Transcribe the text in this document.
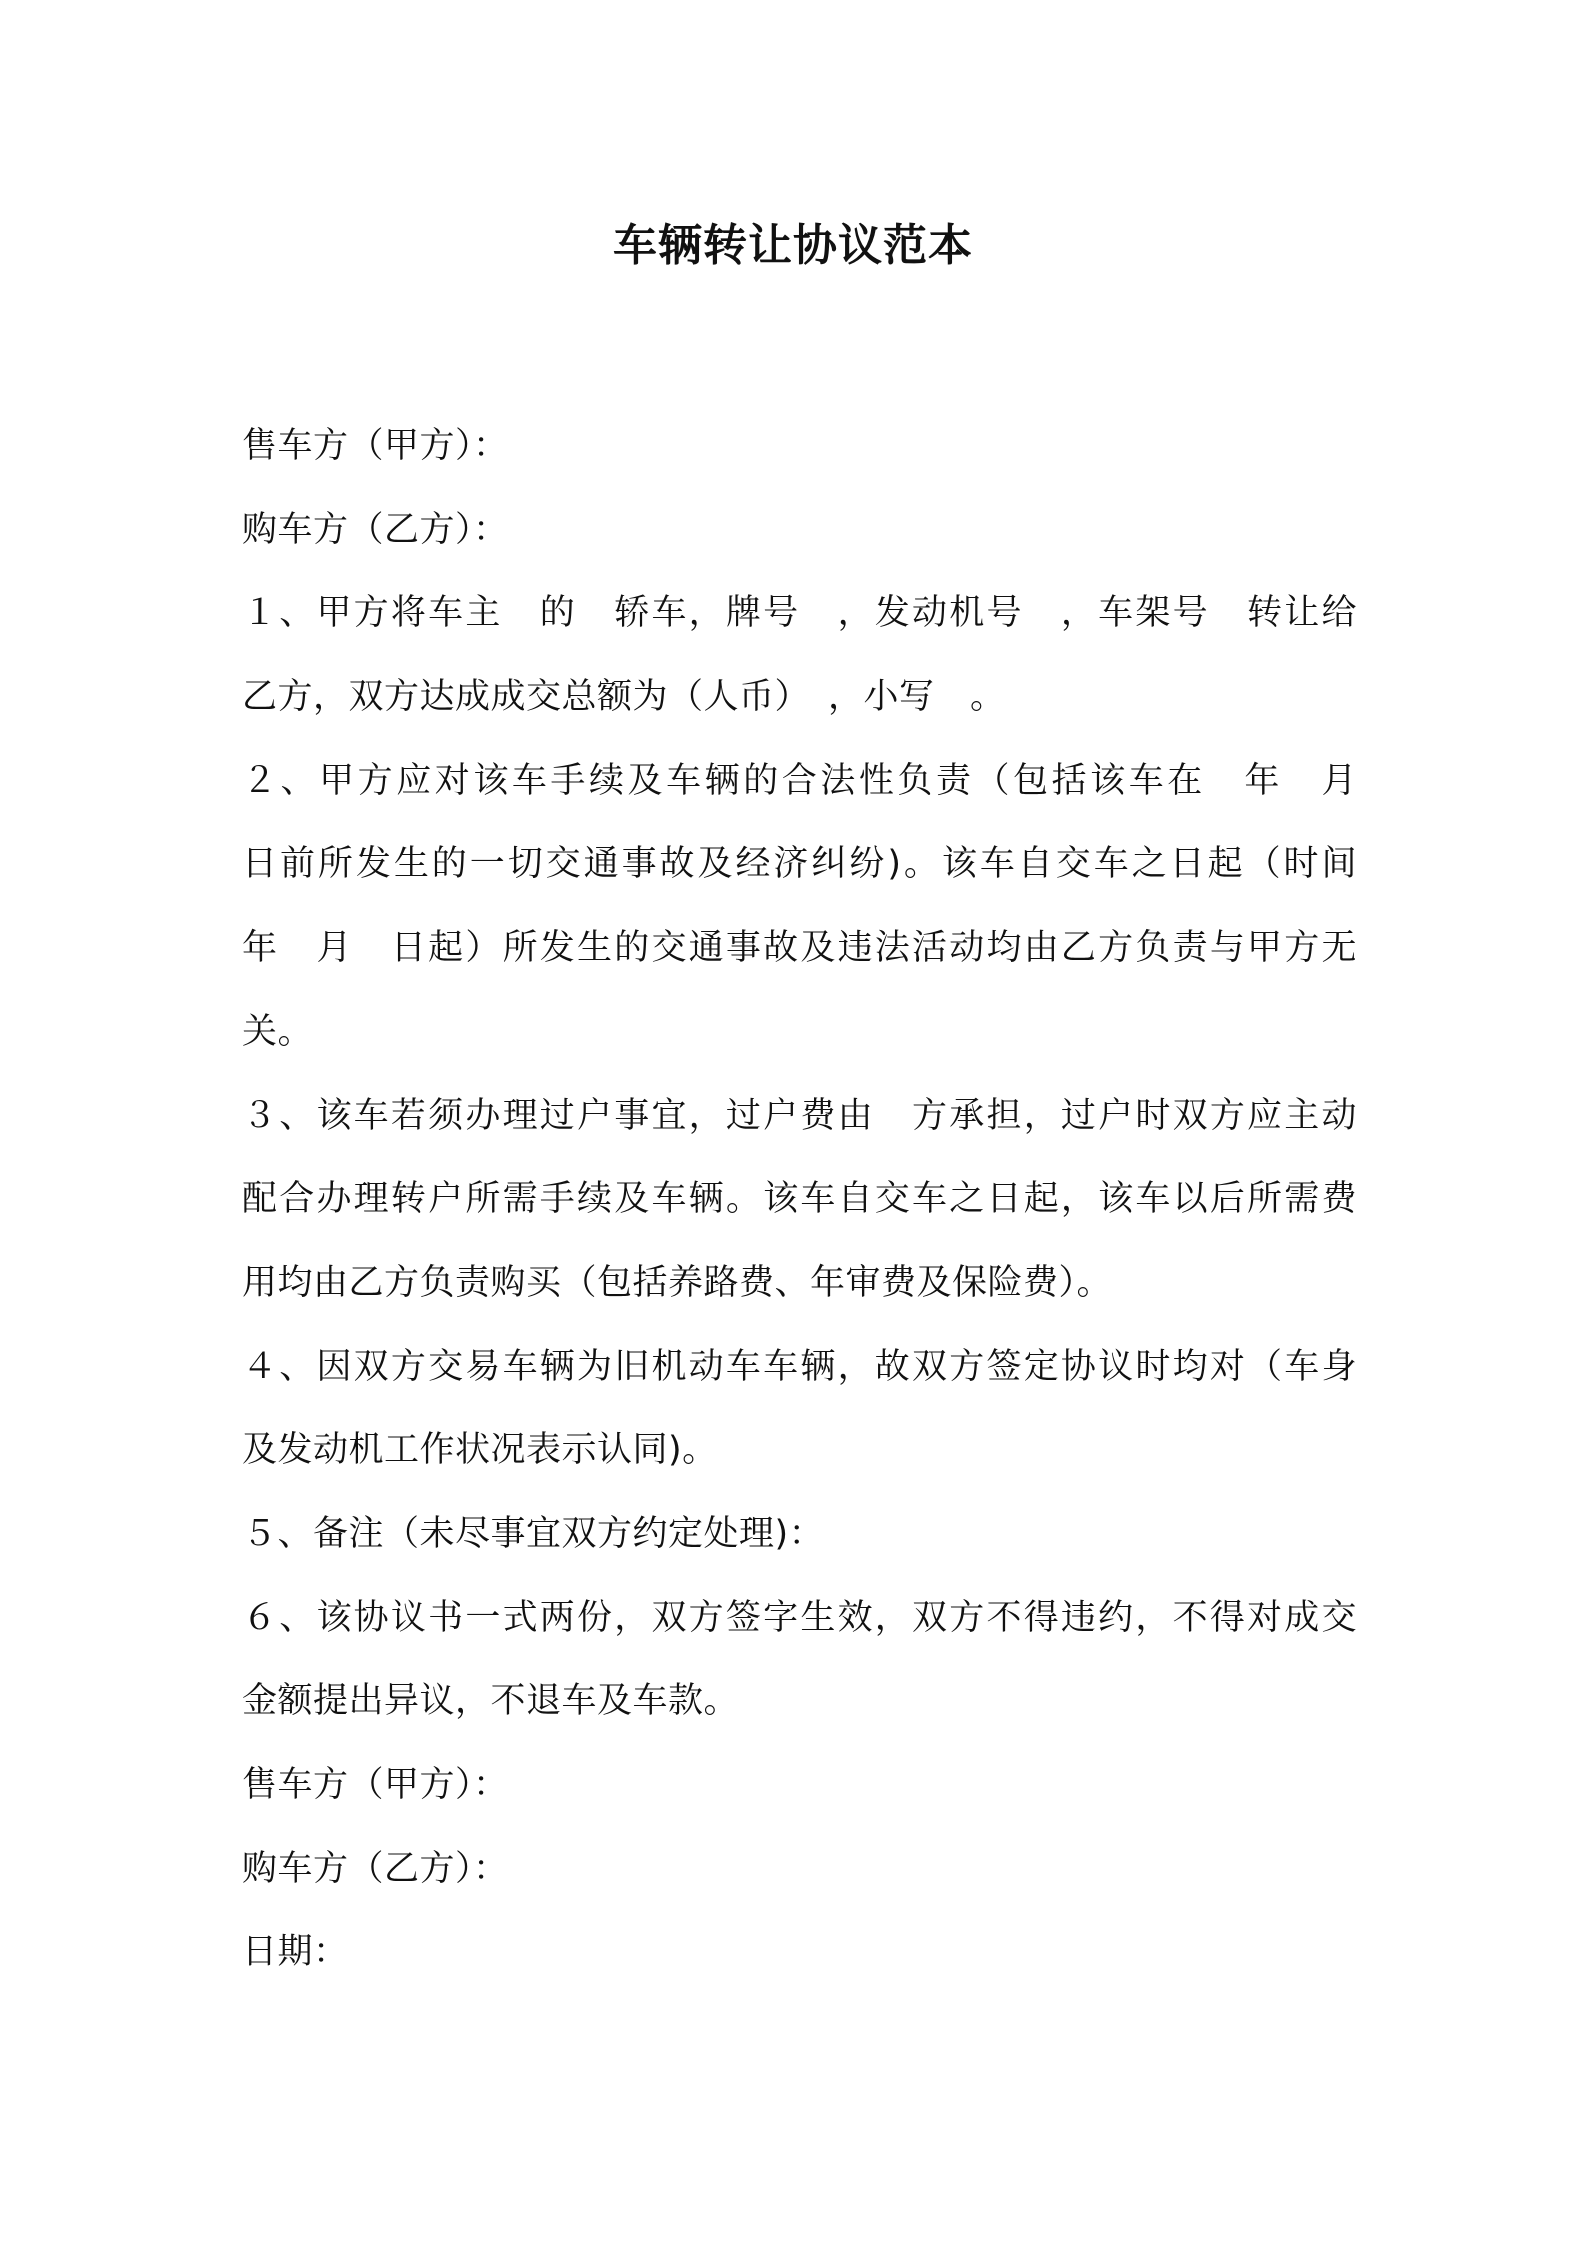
车辆转让协议范本
售车方（甲方）：
购车方（乙方）：
１、甲方将车主　的　轿车，牌号　，发动机号　，车架号　转让给
乙方，双方达成成交总额为（人币）　，小写　。
２、甲方应对该车手续及车辆的合法性负责（包括该车在　年　月
日前所发生的一切交通事故及经济纠纷)。该车自交车之日起（时间
年　月　日起）所发生的交通事故及违法活动均由乙方负责与甲方无
关。
３、该车若须办理过户事宜，过户费由　方承担，过户时双方应主动
配合办理转户所需手续及车辆。该车自交车之日起，该车以后所需费
用均由乙方负责购买（包括养路费、年审费及保险费）。
４、因双方交易车辆为旧机动车车辆，故双方签定协议时均对（车身
及发动机工作状况表示认同)。
５、备注（未尽事宜双方约定处理)：
６、该协议书一式两份，双方签字生效，双方不得违约，不得对成交
金额提出异议，不退车及车款。
售车方（甲方）：
购车方（乙方）：
日期：
